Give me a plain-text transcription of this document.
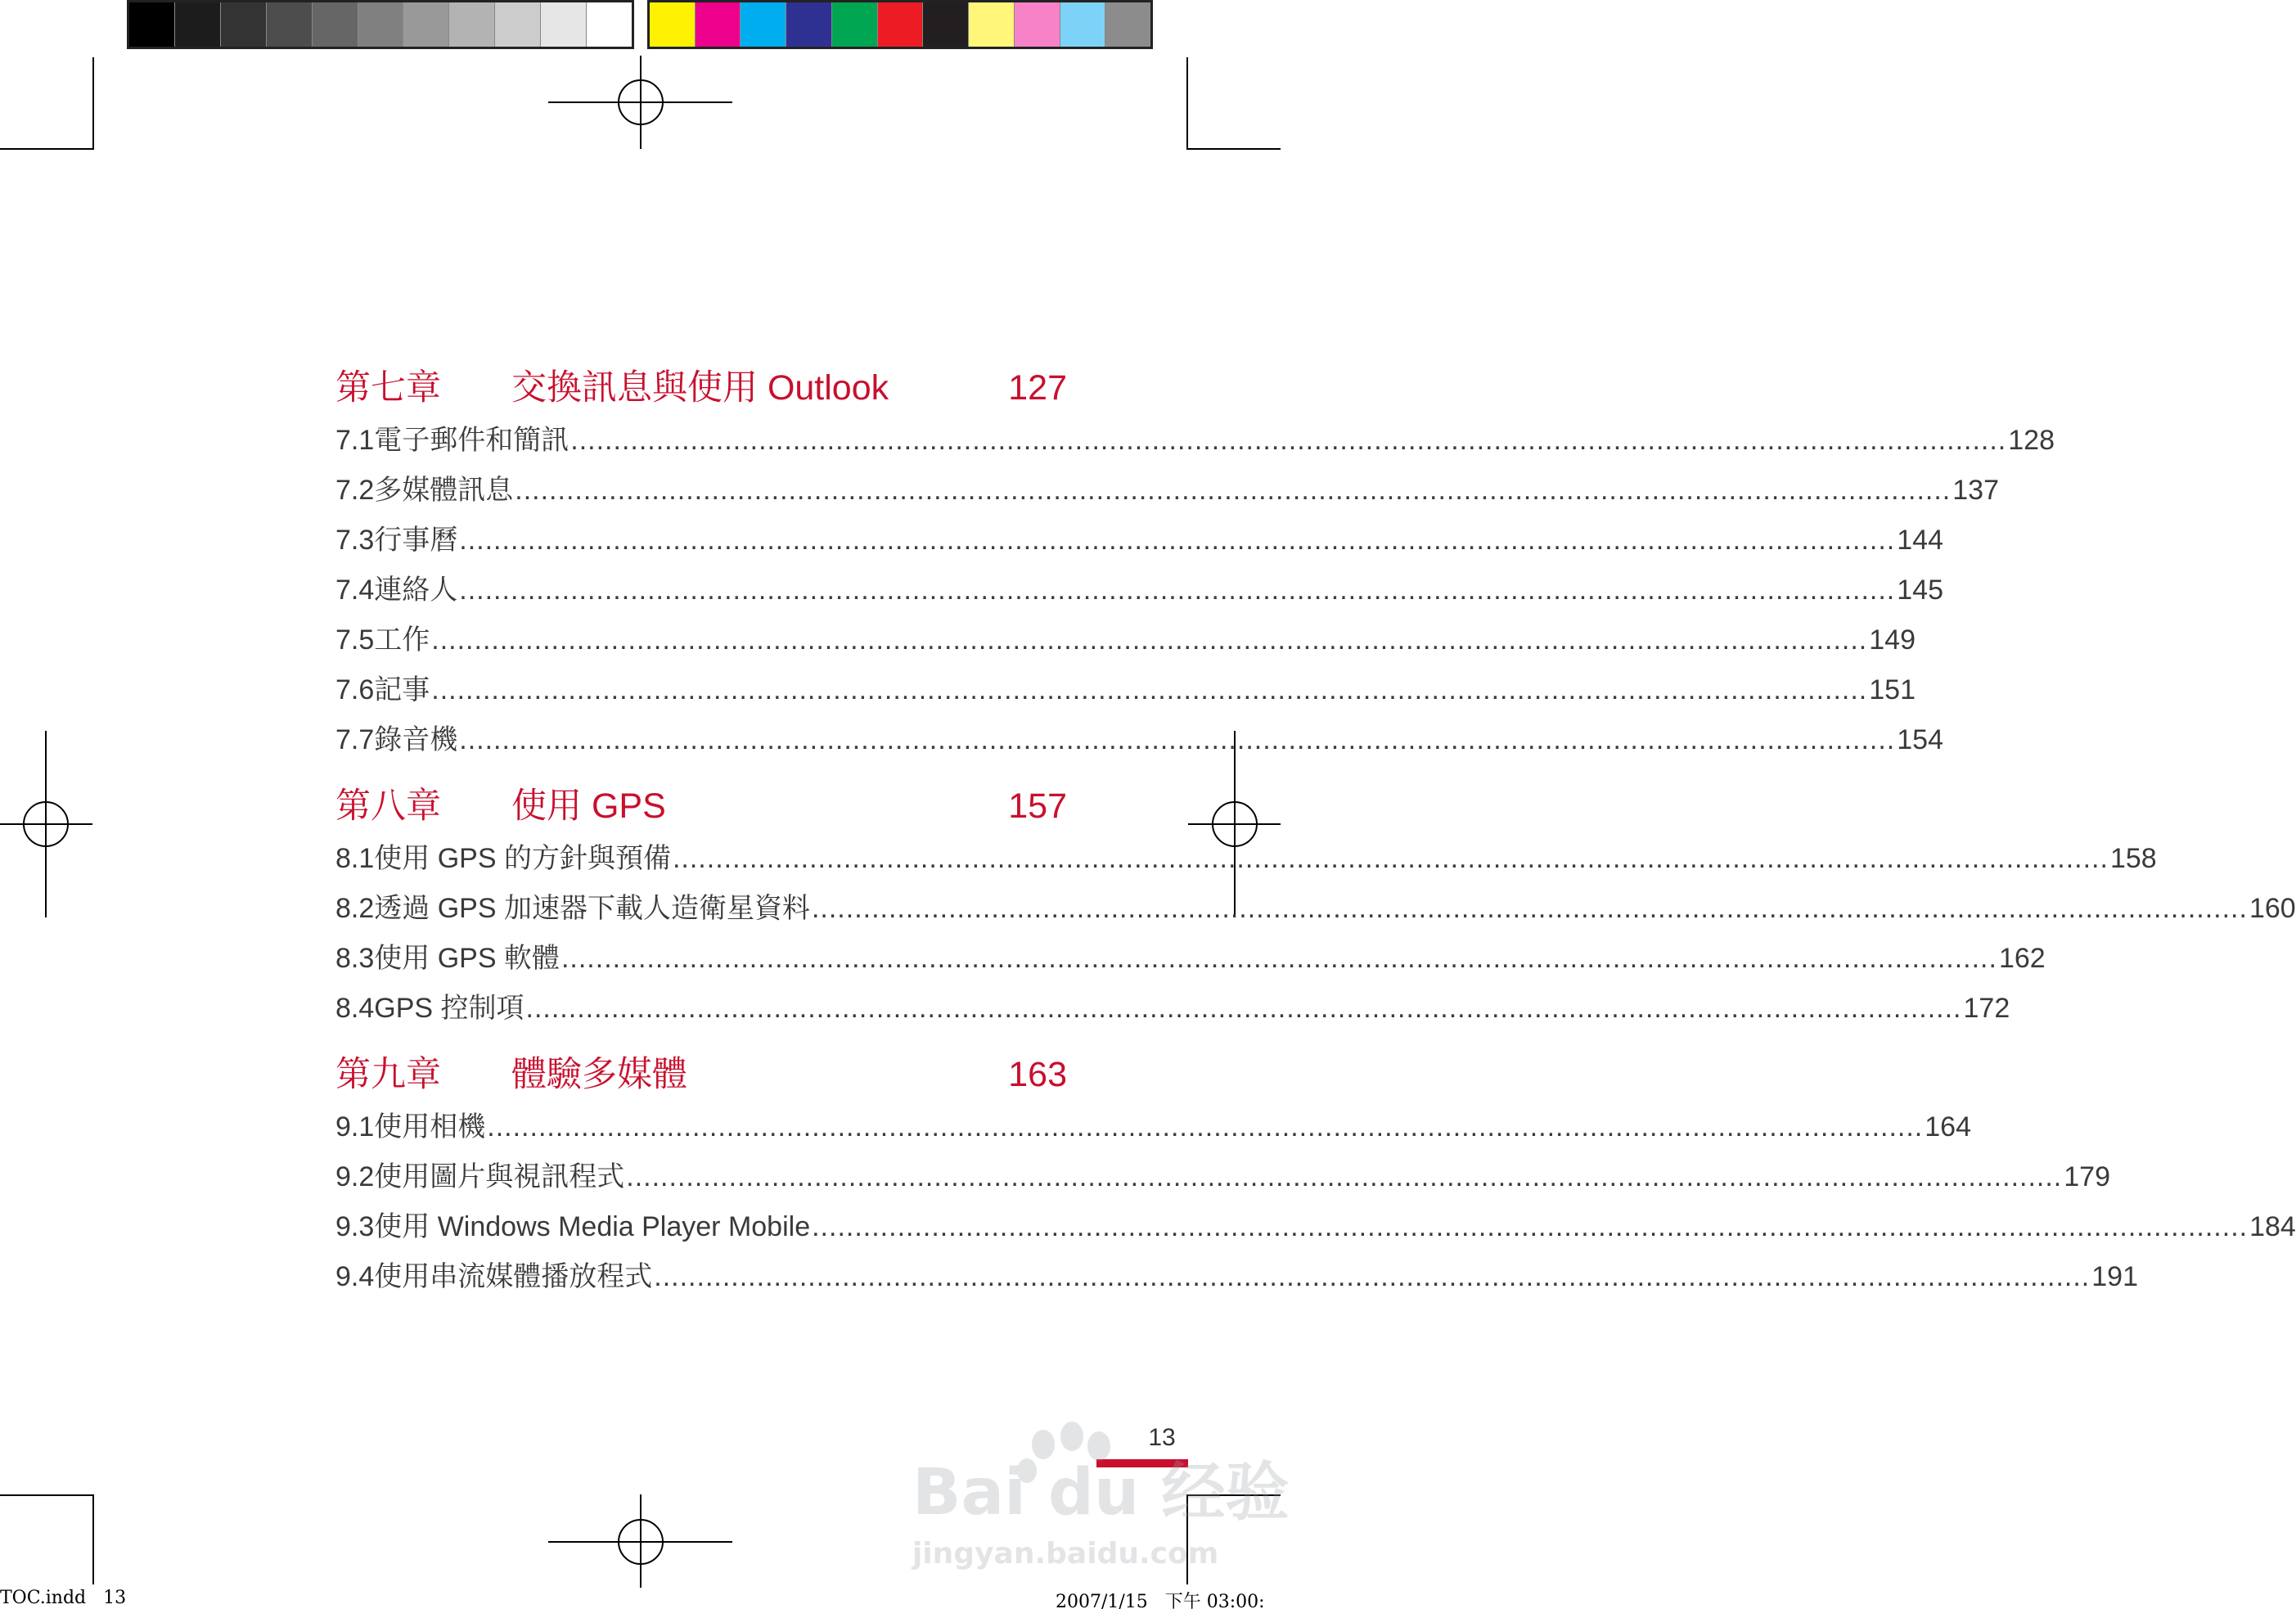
第七章	交換訊息與使用 Outlook	127
7.1 電子郵件和簡訊 .....	128
7.2 多媒體訊息 .....	137
7.3 行事曆 .....	144
7.4 連絡人 .....	145
7.5 工作 .....	149
7.6 記事 .....	151
7.7 錄音機 .....	154
第八章	使用 GPS	157
8.1 使用 GPS 的方針與預備 .....	158
8.2 透過 GPS 加速器下載人造衛星資料 .....	160
8.3 使用 GPS 軟體 .....	162
8.4 GPS 控制項 .....	172
第九章	體驗多媒體	163
9.1 使用相機 .....	164
9.2 使用圖片與視訊程式 .....	179
9.3 使用 Windows Media Player Mobile .....	184
9.4 使用串流媒體播放程式 .....	191
13
Bai du 经验
jingyan.baidu.com
TOC.indd   13	2007/1/15   下午 03:00:
